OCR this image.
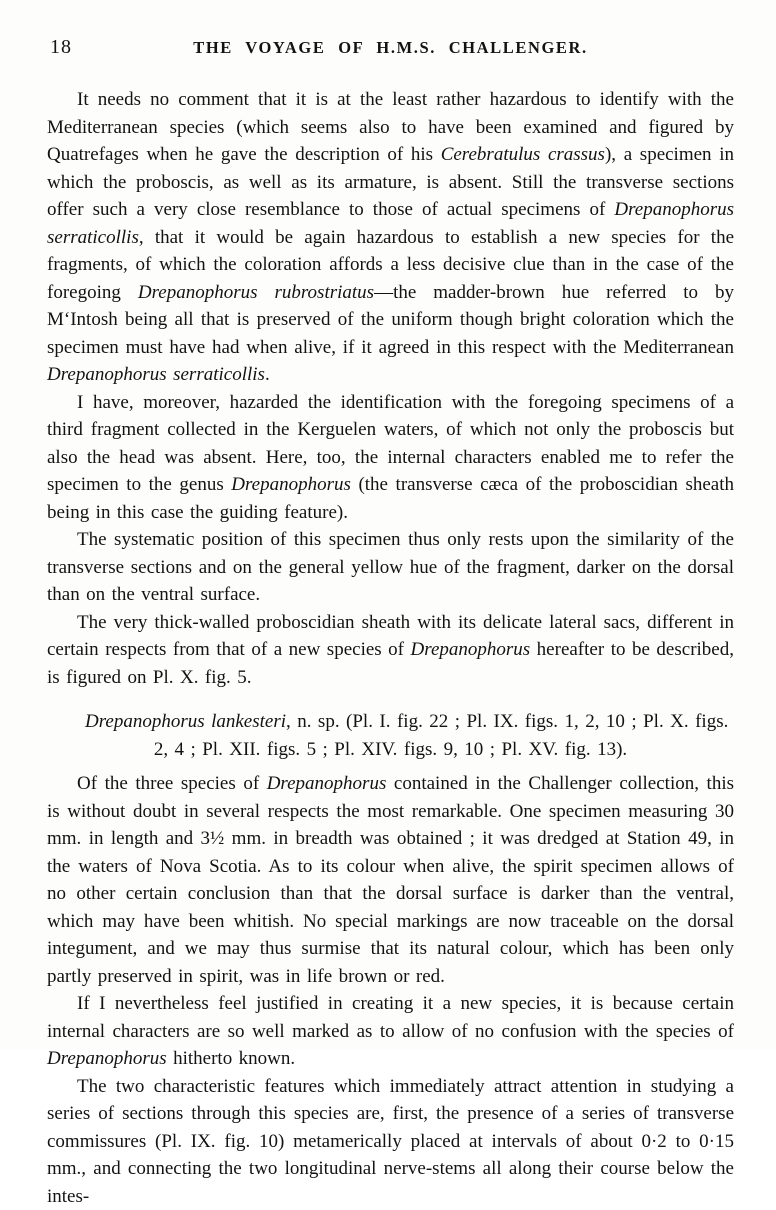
18	THE VOYAGE OF H.M.S. CHALLENGER.

It needs no comment that it is at the least rather hazardous to identify with the Mediterranean species (which seems also to have been examined and figured by Quatrefages when he gave the description of his Cerebratulus crassus), a specimen in which the proboscis, as well as its armature, is absent. Still the transverse sections offer such a very close resemblance to those of actual specimens of Drepanophorus serraticollis, that it would be again hazardous to establish a new species for the fragments, of which the coloration affords a less decisive clue than in the case of the foregoing Drepanophorus rubrostriatus—the madder-brown hue referred to by M‘Intosh being all that is preserved of the uniform though bright coloration which the specimen must have had when alive, if it agreed in this respect with the Mediterranean Drepanophorus serraticollis.

I have, moreover, hazarded the identification with the foregoing specimens of a third fragment collected in the Kerguelen waters, of which not only the proboscis but also the head was absent. Here, too, the internal characters enabled me to refer the specimen to the genus Drepanophorus (the transverse cæca of the proboscidian sheath being in this case the guiding feature).

The systematic position of this specimen thus only rests upon the similarity of the transverse sections and on the general yellow hue of the fragment, darker on the dorsal than on the ventral surface.

The very thick-walled proboscidian sheath with its delicate lateral sacs, different in certain respects from that of a new species of Drepanophorus hereafter to be described, is figured on Pl. X. fig. 5.

Drepanophorus lankesteri, n. sp. (Pl. I. fig. 22 ; Pl. IX. figs. 1, 2, 10 ; Pl. X. figs.
2, 4 ; Pl. XII. figs. 5 ; Pl. XIV. figs. 9, 10 ; Pl. XV. fig. 13).

Of the three species of Drepanophorus contained in the Challenger collection, this is without doubt in several respects the most remarkable. One specimen measuring 30 mm. in length and 3½ mm. in breadth was obtained ; it was dredged at Station 49, in the waters of Nova Scotia. As to its colour when alive, the spirit specimen allows of no other certain conclusion than that the dorsal surface is darker than the ventral, which may have been whitish. No special markings are now traceable on the dorsal integument, and we may thus surmise that its natural colour, which has been only partly preserved in spirit, was in life brown or red.

If I nevertheless feel justified in creating it a new species, it is because certain internal characters are so well marked as to allow of no confusion with the species of Drepanophorus hitherto known.

The two characteristic features which immediately attract attention in studying a series of sections through this species are, first, the presence of a series of transverse commissures (Pl. IX. fig. 10) metamerically placed at intervals of about 0·2 to 0·15 mm., and connecting the two longitudinal nerve-stems all along their course below the intes-
